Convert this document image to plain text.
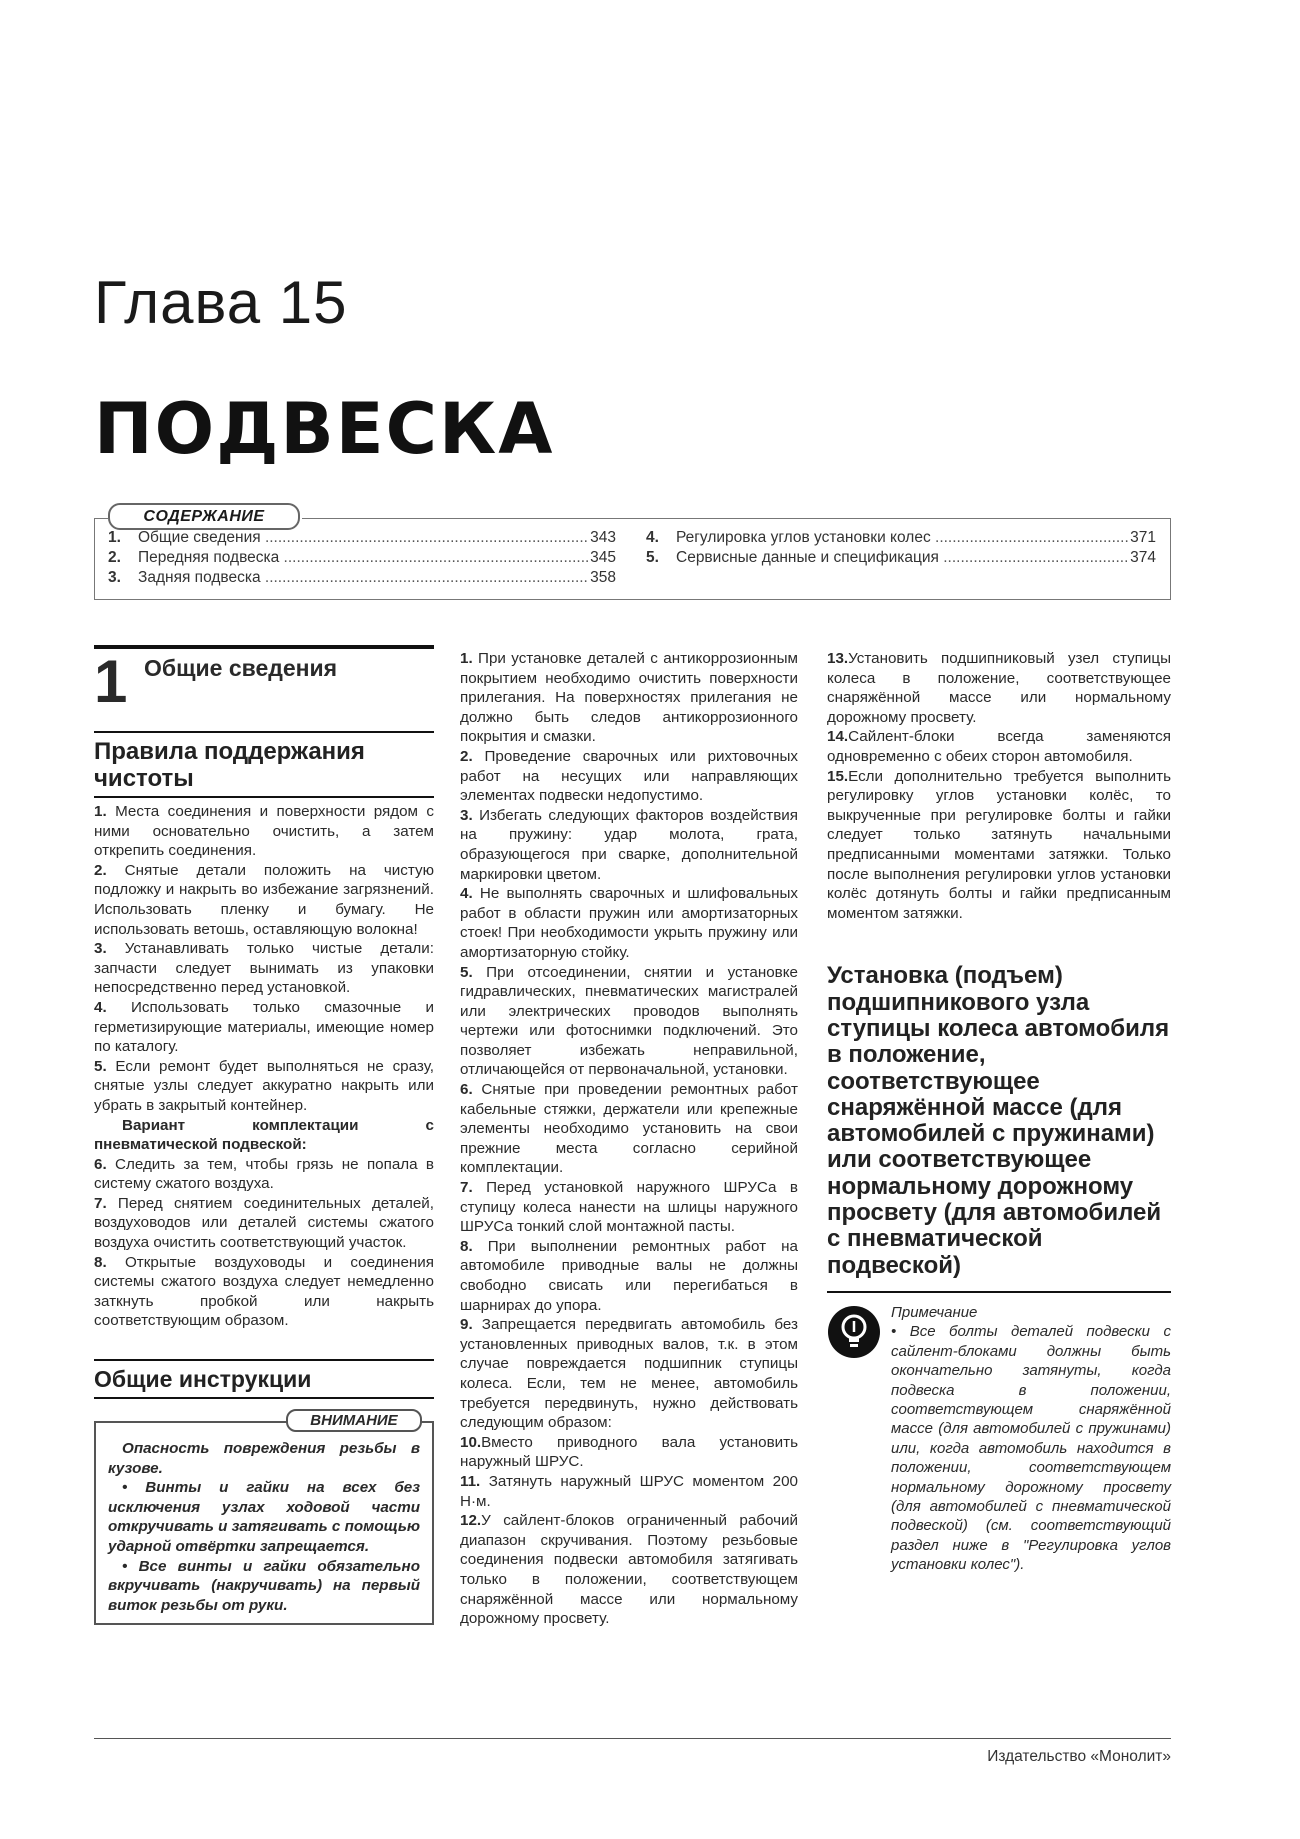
Глава 15
ПОДВЕСКА
СОДЕРЖАНИЕ
1.	Общие сведения .....	343
2.	Передняя подвеска .....	345
3.	Задняя подвеска .....	358
4.	Регулировка углов установки колес .....	371
5.	Сервисные данные и спецификация .....	374
1 Общие сведения
Правила поддержания чистоты

1. Места соединения и поверхности рядом с ними основательно очистить, а затем открепить соединения.

2. Снятые детали положить на чистую подложку и накрыть во избежание загрязнений. Использовать пленку и бумагу. Не использовать ветошь, оставляющую волокна!

3. Устанавливать только чистые детали: запчасти следует вынимать из упаковки непосредственно перед установкой.

4. Использовать только смазочные и герметизирующие материалы, имеющие номер по каталогу.

5. Если ремонт будет выполняться не сразу, снятые узлы следует аккуратно накрыть или убрать в закрытый контейнер.

Вариант комплектации с пневматической подвеской:

6. Следить за тем, чтобы грязь не попала в систему сжатого воздуха.

7. Перед снятием соединительных деталей, воздуховодов или деталей системы сжатого воздуха очистить соответствующий участок.

8. Открытые воздуховоды и соединения системы сжатого воздуха следует немедленно заткнуть пробкой или накрыть соответствующим образом.

Общие инструкции
ВНИМАНИЕ

Опасность повреждения резьбы в кузове.

• Винты и гайки на всех без исключения узлах ходовой части откручивать и затягивать с помощью ударной отвёртки запрещается.

• Все винты и гайки обязательно вкручивать (накручивать) на первый виток резьбы от руки.

1. При установке деталей с антикоррозионным покрытием необходимо очистить поверхности прилегания. На поверхностях прилегания не должно быть следов антикоррозионного покрытия и смазки.

2. Проведение сварочных или рихтовочных работ на несущих или направляющих элементах подвески недопустимо.

3. Избегать следующих факторов воздействия на пружину: удар молота, грата, образующегося при сварке, дополнительной маркировки цветом.

4. Не выполнять сварочных и шлифовальных работ в области пружин или амортизаторных стоек! При необходимости укрыть пружину или амортизаторную стойку.

5. При отсоединении, снятии и установке гидравлических, пневматических магистралей или электрических проводов выполнять чертежи или фотоснимки подключений. Это позволяет избежать неправильной, отличающейся от первоначальной, установки.

6. Снятые при проведении ремонтных работ кабельные стяжки, держатели или крепежные элементы необходимо установить на свои прежние места согласно серийной комплектации.

7. Перед установкой наружного ШРУСа в ступицу колеса нанести на шлицы наружного ШРУСа тонкий слой монтажной пасты.

8. При выполнении ремонтных работ на автомобиле приводные валы не должны свободно свисать или перегибаться в шарнирах до упора.

9. Запрещается передвигать автомобиль без установленных приводных валов, т.к. в этом случае повреждается подшипник ступицы колеса. Если, тем не менее, автомобиль требуется передвинуть, нужно действовать следующим образом:

10.Вместо приводного вала установить наружный ШРУС.

11. Затянуть наружный ШРУС моментом 200 Н·м.

12.У сайлент-блоков ограниченный рабочий диапазон скручивания. Поэтому резьбовые соединения подвески автомобиля затягивать только в положении, соответствующем снаряжённой массе или нормальному дорожному просвету.

13.Установить подшипниковый узел ступицы колеса в положение, соответствующее снаряжённой массе или нормальному дорожному просвету.

14.Сайлент-блоки всегда заменяются одновременно с обеих сторон автомобиля.

15.Если дополнительно требуется выполнить регулировку углов установки колёс, то выкрученные при регулировке болты и гайки следует только затянуть начальными предписанными моментами затяжки. Только после выполнения регулировки углов установки колёс дотянуть болты и гайки предписанным моментом затяжки.

Установка (подъем) подшипникового узла ступицы колеса автомобиля в положение, соответствующее снаряжённой массе (для автомобилей с пружинами) или соответствующее нормальному дорожному просвету (для автомобилей с пневматической подвеской)
Примечание
• Все болты деталей подвески с сайлент-блоками должны быть окончательно затянуты, когда подвеска в положении, соответствующем снаряжённой массе (для автомобилей с пружинами) или, когда автомобиль находится в положении, соответствующем нормальному дорожному просвету (для автомобилей с пневматической подвеской) (см. соответствующий раздел ниже в "Регулировка углов установки колес").
Издательство «Монолит»
